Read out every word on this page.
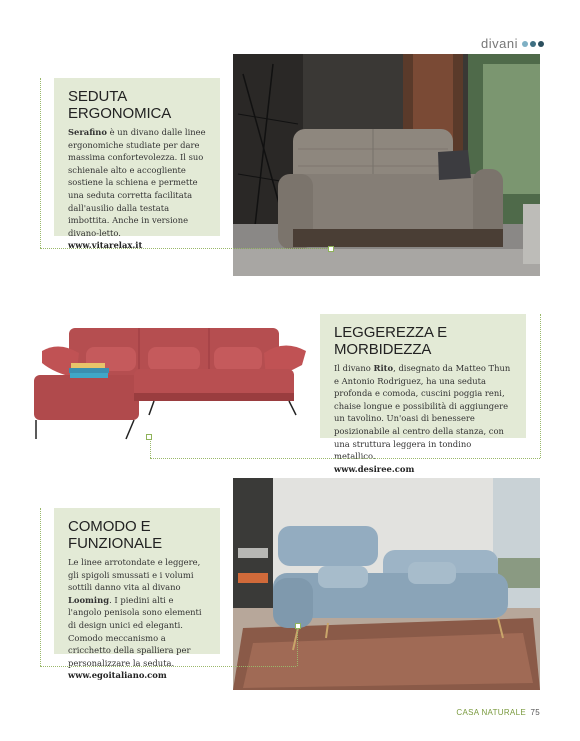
divani
SEDUTA ERGONOMICA

Serafino è un divano dalle linee ergonomiche studiate per dare massima confortevolezza. Il suo schienale alto e accogliente sostiene la schiena e permette una seduta corretta facilitata dall'ausilio dalla testata imbottita. Anche in versione divano-letto.

www.vitarelax.it
LEGGEREZZA E MORBIDEZZA

Il divano Rito, disegnato da Matteo Thun e Antonio Rodriguez, ha una seduta profonda e comoda, cuscini poggia reni, chaise longue e possibilità di aggiungere un tavolino. Un'oasi di benessere posizionabile al centro della stanza, con una struttura leggera in tondino metallico.

www.desiree.com
COMODO E FUNZIONALE

Le linee arrotondate e leggere, gli spigoli smussati e i volumi sottili danno vita al divano Looming. I piedini alti e l'angolo penisola sono elementi di design unici ed eleganti. Comodo meccanismo a cricchetto della spalliera per personalizzare la seduta.

www.egoitaliano.com
CASA NATURALE 75
